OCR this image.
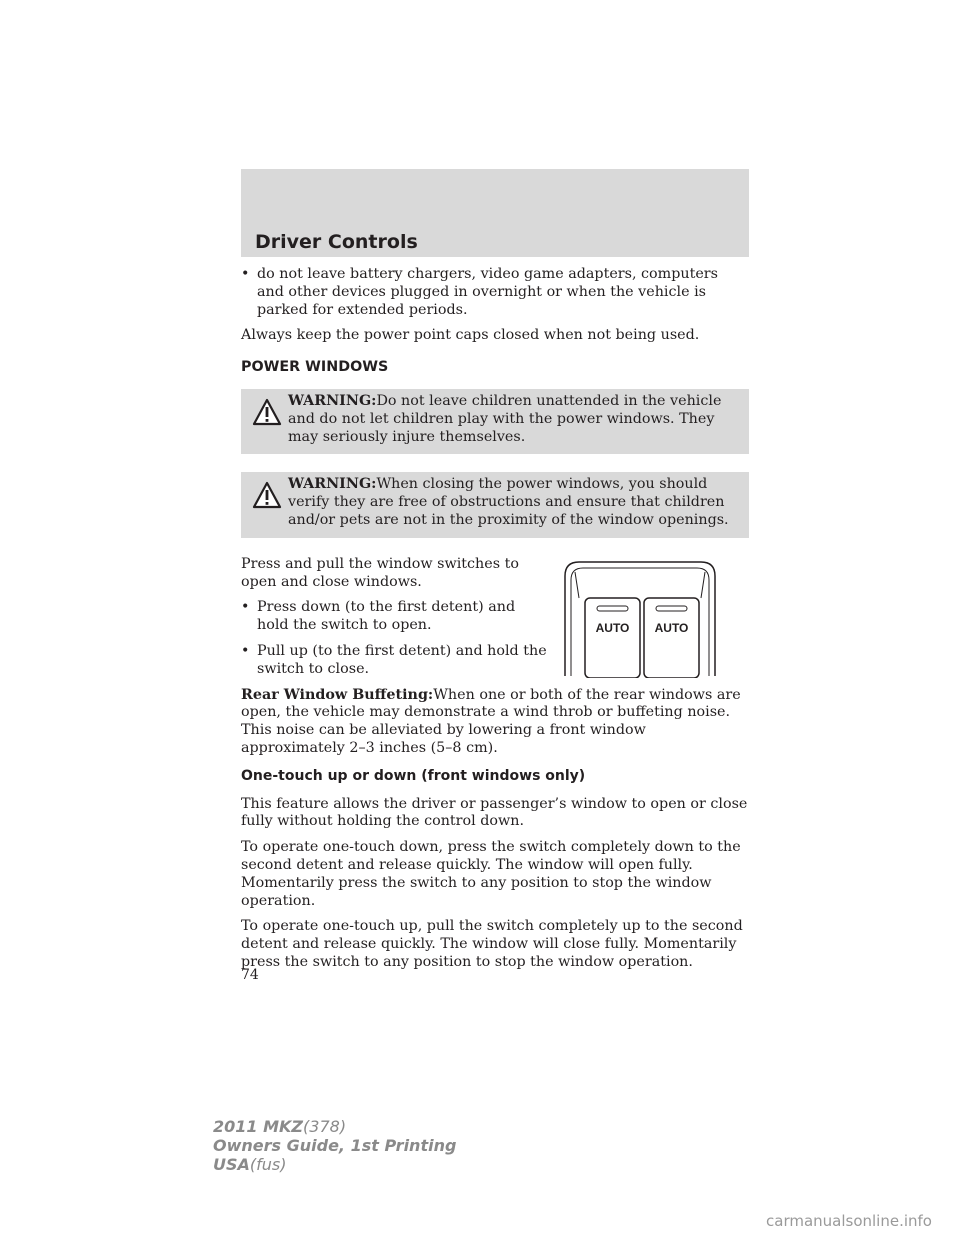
Driver Controls
• do not leave battery chargers, video game adapters, computers and other devices plugged in overnight or when the vehicle is parked for extended periods.
Always keep the power point caps closed when not being used.
POWER WINDOWS
WARNING:Do not leave children unattended in the vehicle and do not let children play with the power windows. They may seriously injure themselves.
WARNING:When closing the power windows, you should verify they are free of obstructions and ensure that children and/or pets are not in the proximity of the window openings.
AUTO AUTO
Press and pull the window switches to open and close windows.
• Press down (to the first detent) and hold the switch to open.
• Pull up (to the first detent) and hold the switch to close.
Rear Window Buffeting:When one or both of the rear windows are open, the vehicle may demonstrate a wind throb or buffeting noise. This noise can be alleviated by lowering a front window approximately 2–3 inches (5–8 cm).
One-touch up or down (front windows only)
This feature allows the driver or passenger’s window to open or close fully without holding the control down.
To operate one-touch down, press the switch completely down to the second detent and release quickly. The window will open fully. Momentarily press the switch to any position to stop the window operation.
To operate one-touch up, pull the switch completely up to the second detent and release quickly. The window will close fully. Momentarily press the switch to any position to stop the window operation.
74
2011 MKZ(378)
Owners Guide, 1st Printing
USA(fus)
carmanualsonline.info
